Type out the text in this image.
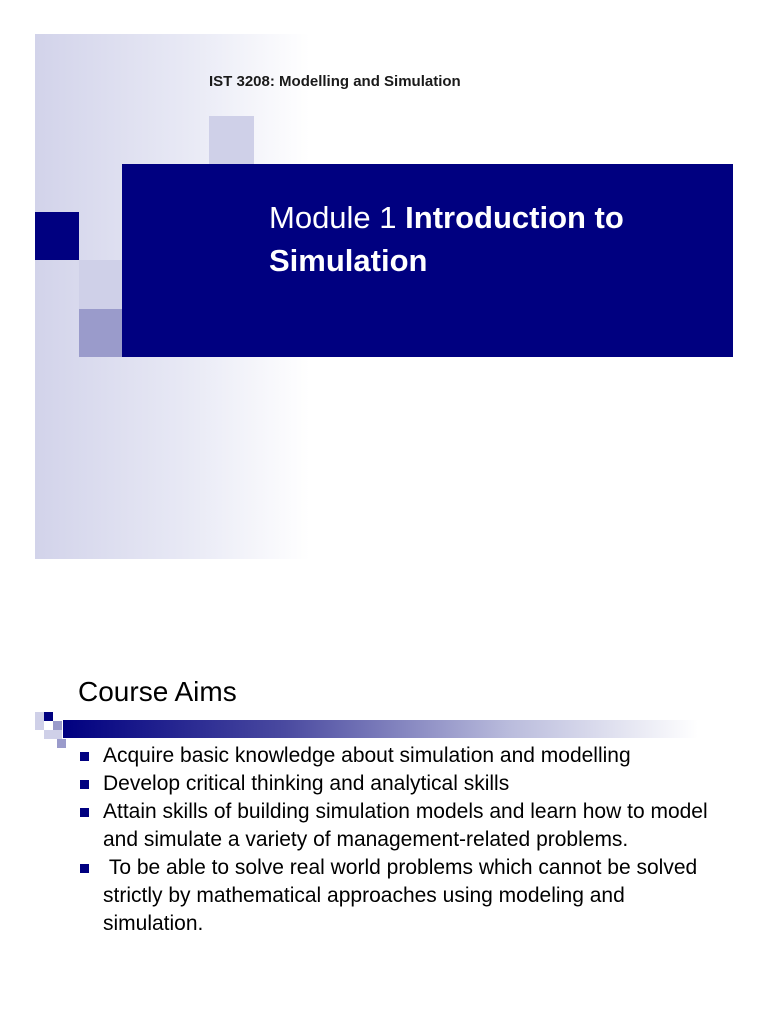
IST 3208: Modelling and Simulation
Module 1 Introduction to Simulation
Course Aims
Acquire basic knowledge about simulation and modelling
Develop critical thinking and analytical skills
Attain skills of building simulation models and learn how to model and simulate a variety of management-related problems.
To be able to solve real world problems which cannot be solved strictly by mathematical approaches using modeling and simulation.
